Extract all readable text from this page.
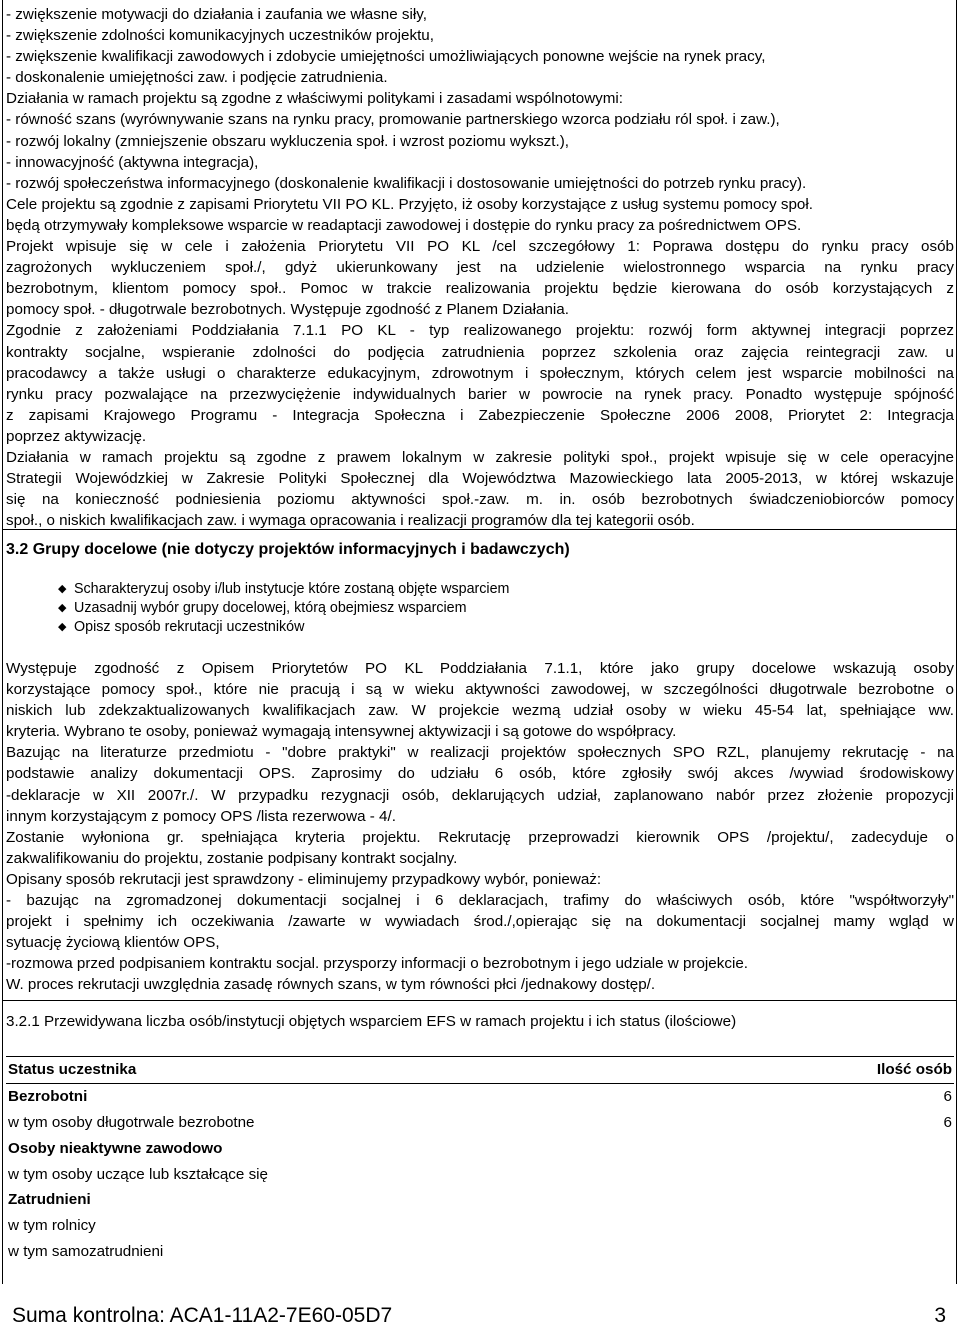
- zwiększenie motywacji do działania i zaufania we własne siły,

- zwiększenie zdolności komunikacyjnych uczestników projektu,

- zwiększenie kwalifikacji zawodowych i zdobycie umiejętności umożliwiających ponowne wejście na rynek pracy,

- doskonalenie umiejętności zaw. i podjęcie zatrudnienia.

Działania w ramach projektu są zgodne z właściwymi politykami i zasadami wspólnotowymi:

- równość szans (wyrównywanie szans na rynku pracy, promowanie partnerskiego wzorca podziału ról społ. i zaw.),

- rozwój lokalny (zmniejszenie obszaru wykluczenia społ. i wzrost poziomu wykszt.),

- innowacyjność (aktywna integracja),

- rozwój społeczeństwa informacyjnego (doskonalenie kwalifikacji i dostosowanie umiejętności do potrzeb rynku pracy).

Cele projektu są zgodnie z zapisami Priorytetu VII PO KL. Przyjęto, iż osoby korzystające z usług systemu pomocy społ.

będą otrzymywały kompleksowe wsparcie w readaptacji zawodowej i dostępie do rynku pracy za pośrednictwem OPS.

Projekt wpisuje się w cele i założenia Priorytetu VII PO KL /cel szczegółowy 1: Poprawa dostępu do rynku pracy osób

zagrożonych wykluczeniem społ./, gdyż ukierunkowany jest na udzielenie wielostronnego wsparcia na rynku pracy

bezrobotnym, klientom pomocy społ.. Pomoc w trakcie realizowania projektu będzie kierowana do osób korzystających z

pomocy społ. - długotrwale bezrobotnych. Występuje zgodność z Planem Działania.

Zgodnie z założeniami Poddziałania 7.1.1 PO KL - typ realizowanego projektu: rozwój form aktywnej integracji poprzez

kontrakty socjalne, wspieranie zdolności do podjęcia zatrudnienia poprzez szkolenia oraz zajęcia reintegracji zaw. u

pracodawcy a także usługi o charakterze edukacyjnym, zdrowotnym i społecznym, których celem jest wsparcie mobilności na

rynku pracy pozwalające na przezwyciężenie indywidualnych barier w powrocie na rynek pracy. Ponadto występuje spójność

z zapisami Krajowego Programu - Integracja Społeczna i Zabezpieczenie Społeczne 2006 2008, Priorytet 2: Integracja

poprzez aktywizację.

Działania w ramach projektu są zgodne z prawem lokalnym w zakresie polityki społ., projekt wpisuje się w cele operacyjne

Strategii Wojewódzkiej w Zakresie Polityki Społecznej dla Województwa Mazowieckiego lata 2005-2013, w której wskazuje

się na konieczność podniesienia poziomu aktywności społ.-zaw. m. in. osób bezrobotnych świadczeniobiorców pomocy

społ., o niskich kwalifikacjach zaw. i wymaga opracowania i realizacji programów dla tej kategorii osób.

3.2 Grupy docelowe (nie dotyczy projektów informacyjnych i badawczych)
◆ Scharakteryzuj osoby i/lub instytucje które zostaną objęte wsparciem
◆ Uzasadnij wybór grupy docelowej, którą obejmiesz wsparciem
◆ Opisz sposób rekrutacji uczestników

Występuje zgodność z Opisem Priorytetów PO KL Poddziałania 7.1.1, które jako grupy docelowe wskazują osoby

korzystające pomocy społ., które nie pracują i są w wieku aktywności zawodowej, w szczególności długotrwale bezrobotne o

niskich lub zdekzaktualizowanych kwalifikacjach zaw. W projekcie wezmą udział osoby w wieku 45-54 lat, spełniające ww.

kryteria. Wybrano te osoby, ponieważ wymagają intensywnej aktywizacji i są gotowe do współpracy.

Bazując na literaturze przedmiotu - "dobre praktyki" w realizacji projektów społecznych SPO RZL, planujemy rekrutację - na

podstawie analizy dokumentacji OPS. Zaprosimy do udziału 6 osób, które zgłosiły swój akces /wywiad środowiskowy

-deklaracje w XII 2007r./. W przypadku rezygnacji osób, deklarujących udział, zaplanowano nabór przez złożenie propozycji

innym korzystającym z pomocy OPS /lista rezerwowa - 4/.

Zostanie wyłoniona gr. spełniająca kryteria projektu. Rekrutację przeprowadzi kierownik OPS /projektu/, zadecyduje o

zakwalifikowaniu do projektu, zostanie podpisany kontrakt socjalny.

Opisany sposób rekrutacji jest sprawdzony - eliminujemy przypadkowy wybór, ponieważ:

- bazując na zgromadzonej dokumentacji socjalnej i 6 deklaracjach, trafimy do właściwych osób, które "współtworzyły"

projekt i spełnimy ich oczekiwania /zawarte w wywiadach środ./,opierając się na dokumentacji socjalnej mamy wgląd w

sytuację życiową klientów OPS,

-rozmowa przed podpisaniem kontraktu socjal. przysporzy informacji o bezrobotnym i jego udziale w projekcie.

W. proces rekrutacji uwzględnia zasadę równych szans, w tym równości płci /jednakowy dostęp/.

3.2.1 Przewidywana liczba osób/instytucji objętych wsparciem EFS w ramach projektu i ich status (ilościowe)
Status uczestnika	Ilość osób
Bezrobotni	6
w tym osoby długotrwale bezrobotne	6
Osoby nieaktywne zawodowo	
w tym osoby uczące lub kształcące się	
Zatrudnieni	
w tym rolnicy	
w tym samozatrudnieni	
Suma kontrolna: ACA1-11A2-7E60-05D7	3
